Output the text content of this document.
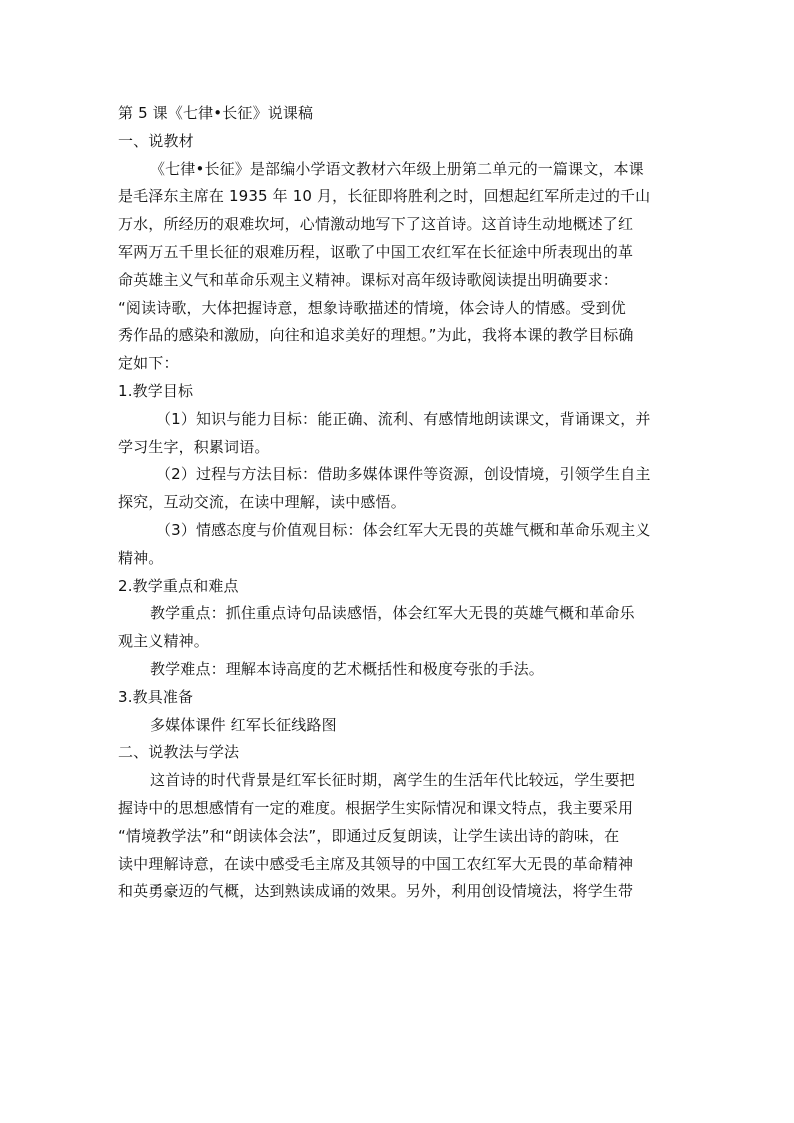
第 5 课《七律•长征》说课稿
一、说教材
《七律•长征》是部编小学语文教材六年级上册第二单元的一篇课文，本课
是毛泽东主席在 1935 年 10 月，长征即将胜利之时，回想起红军所走过的千山
万水，所经历的艰难坎坷，心情激动地写下了这首诗。这首诗生动地概述了红
军两万五千里长征的艰难历程，讴歌了中国工农红军在长征途中所表现出的革
命英雄主义气和革命乐观主义精神。课标对高年级诗歌阅读提出明确要求：
“阅读诗歌，大体把握诗意，想象诗歌描述的情境，体会诗人的情感。受到优
秀作品的感染和激励，向往和追求美好的理想。”为此，我将本课的教学目标确
定如下：
1.教学目标
（1）知识与能力目标：能正确、流利、有感情地朗读课文，背诵课文，并
学习生字，积累词语。
（2）过程与方法目标：借助多媒体课件等资源，创设情境，引领学生自主
探究，互动交流，在读中理解，读中感悟。
（3）情感态度与价值观目标：体会红军大无畏的英雄气概和革命乐观主义
精神。
2.教学重点和难点
教学重点：抓住重点诗句品读感悟，体会红军大无畏的英雄气概和革命乐
观主义精神。
教学难点：理解本诗高度的艺术概括性和极度夸张的手法。
3.教具准备
多媒体课件 红军长征线路图
二、说教法与学法
这首诗的时代背景是红军长征时期，离学生的生活年代比较远，学生要把
握诗中的思想感情有一定的难度。根据学生实际情况和课文特点，我主要采用
“情境教学法”和“朗读体会法”，即通过反复朗读，让学生读出诗的韵味，在
读中理解诗意，在读中感受毛主席及其领导的中国工农红军大无畏的革命精神
和英勇豪迈的气概，达到熟读成诵的效果。另外，利用创设情境法，将学生带
